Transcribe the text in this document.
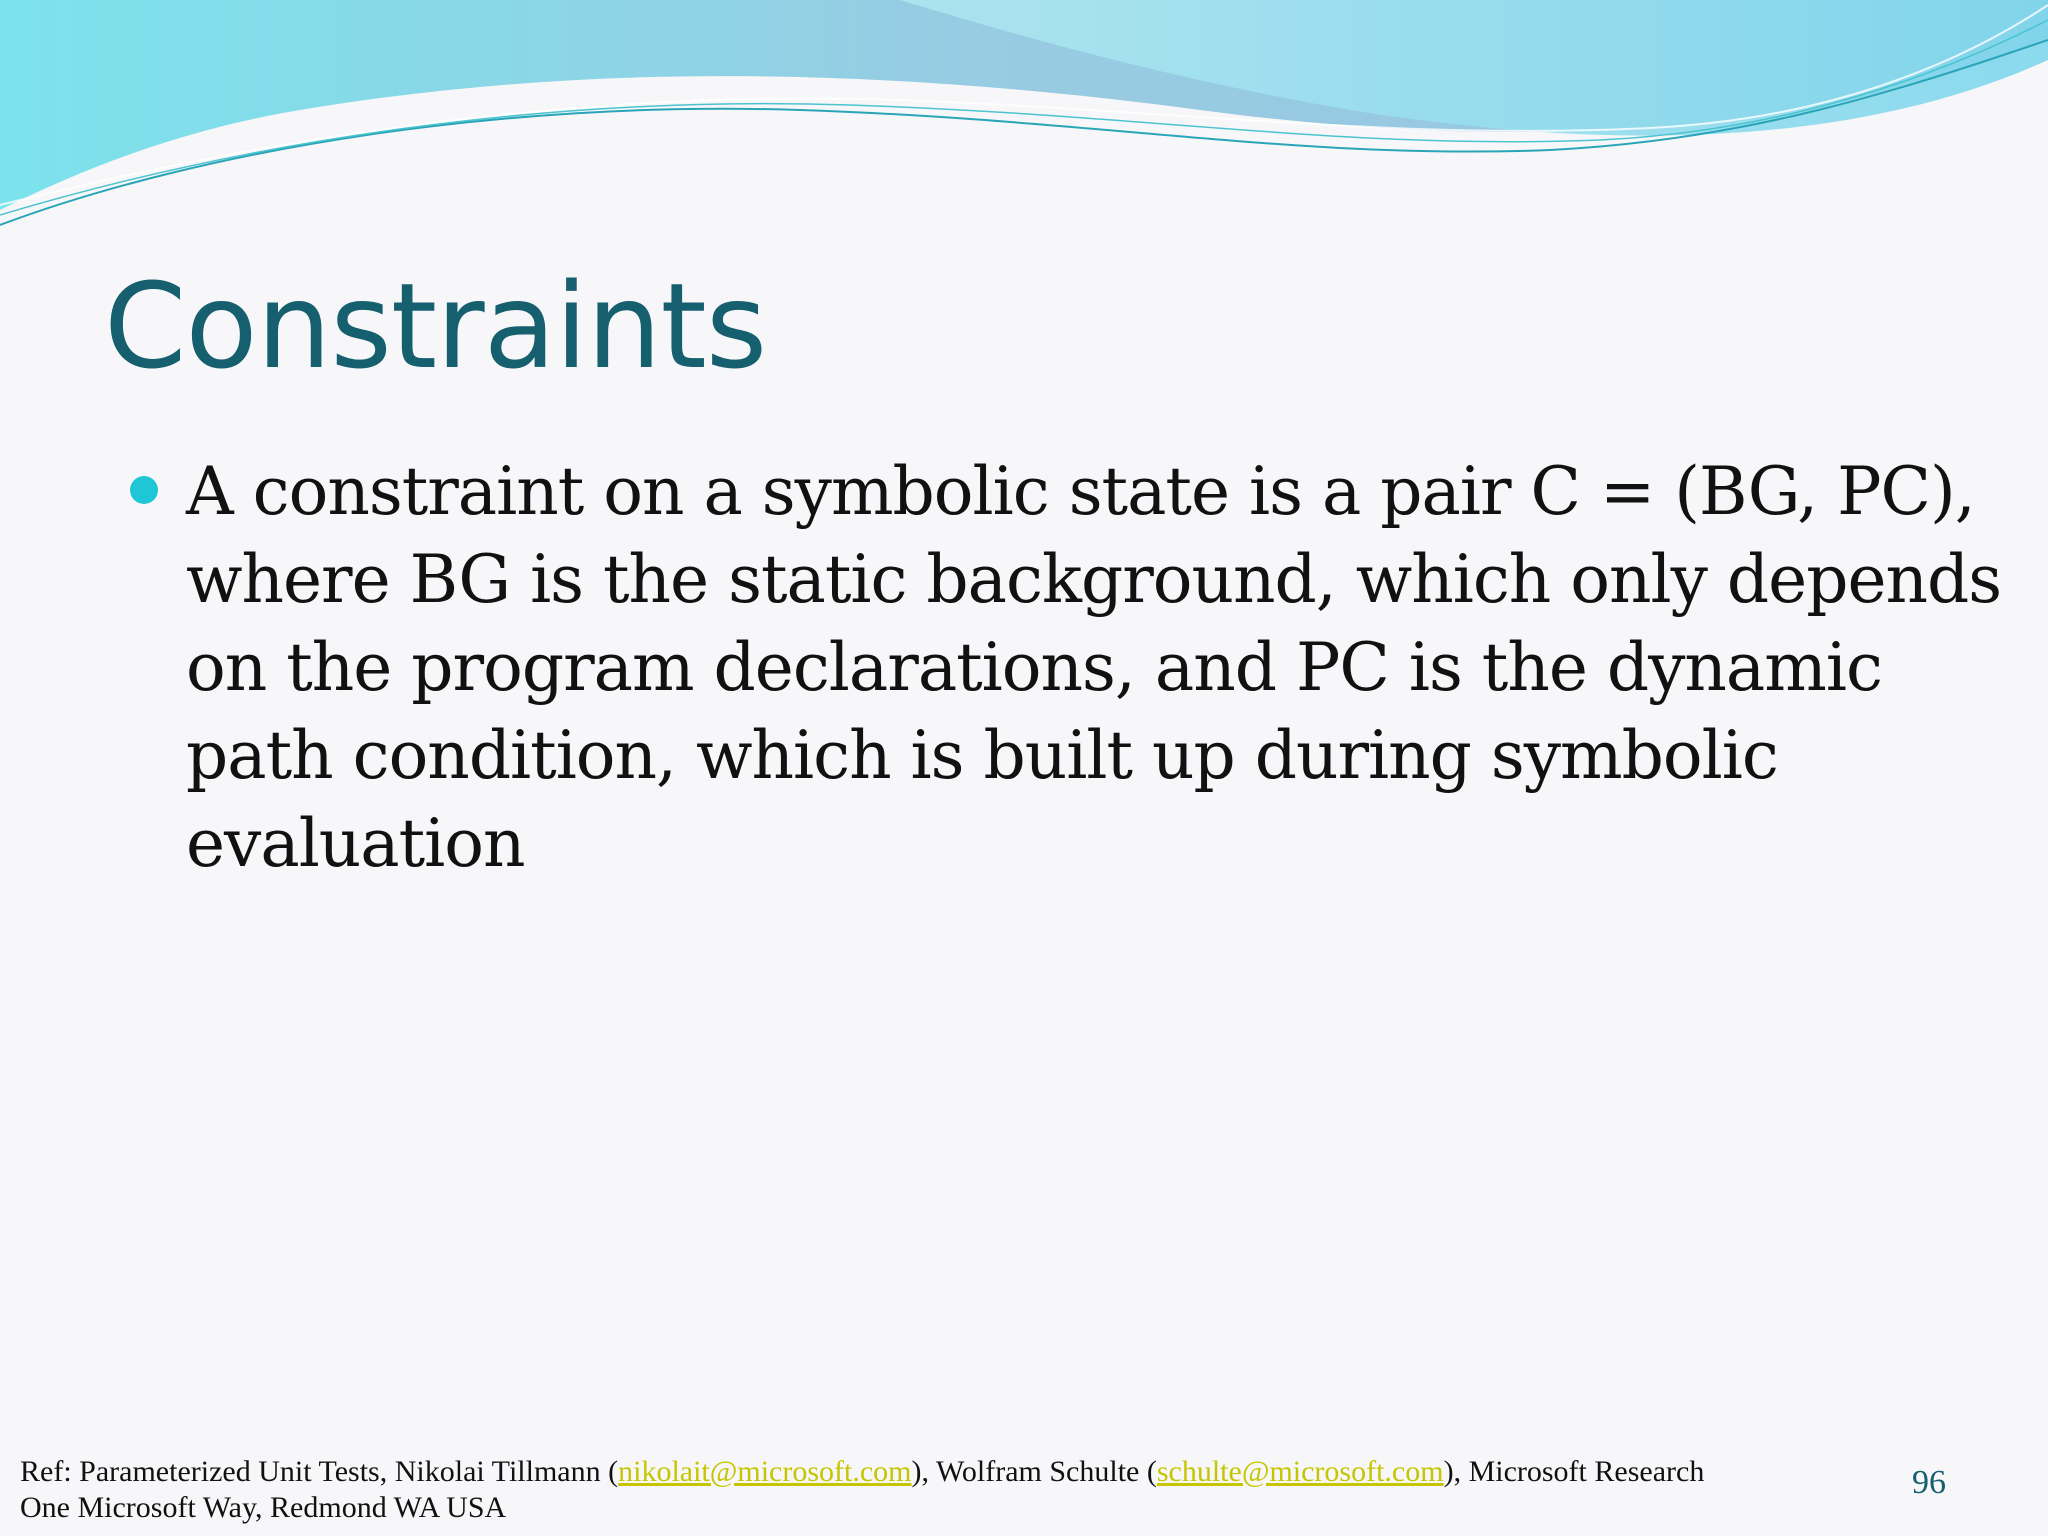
Constraints
A constraint on a symbolic state is a pair C = (BG, PC), where BG is the static background, which only depends on the program declarations, and PC is the dynamic path condition, which is built up during symbolic evaluation
Ref: Parameterized Unit Tests, Nikolai Tillmann (nikolait@microsoft.com), Wolfram Schulte (schulte@microsoft.com), Microsoft Research
One Microsoft Way, Redmond WA USA
96
